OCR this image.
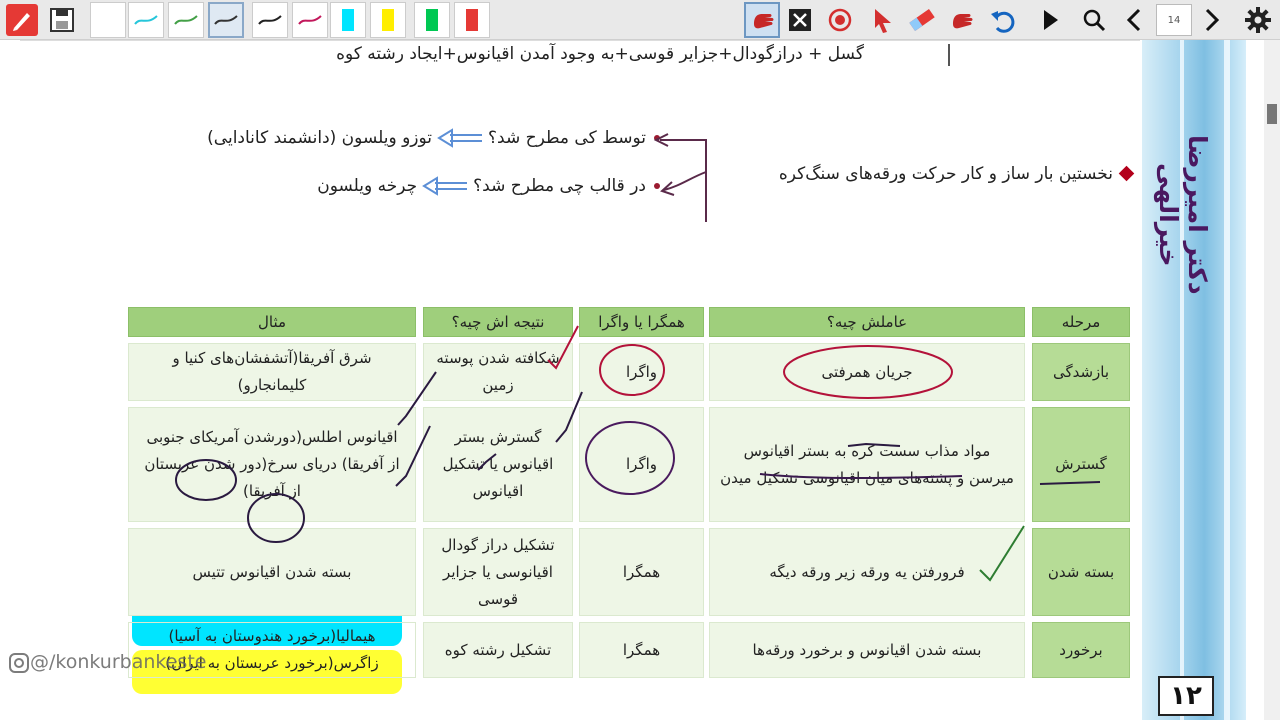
14
گسل + درازگودال+جزایر قوسی+به وجود آمدن اقیانوس+ایجاد رشته کوه
نخستین بار ساز و کار حرکت ورقه‌های سنگ‌کره
توسط کی مطرح شد؟توزو ویلسون (دانشمند کانادایی)
در قالب چی مطرح شد؟چرخه ویلسون
مرحله
عاملش چیه؟
همگرا یا واگرا
نتیجه اش چیه؟
مثال
بازشدگی
جریان همرفتی
واگرا
شکافته شدن پوسته زمین
شرق آفریقا(آتشفشان‌های کنیا و کلیمانجارو)
گسترش
مواد مذاب سست کره به بستر اقیانوس میرسن و پشته‌های میان اقیانوسی تشکیل میدن
واگرا
گسترش بستر اقیانوس یا تشکیل اقیانوس
اقیانوس اطلس(دورشدن آمریکای جنوبی از آفریقا) دریای سرخ(دور شدن عربستان از آفریقا)
بسته شدن
فرورفتن یه ورقه زیر ورقه دیگه
همگرا
تشکیل دراز گودال اقیانوسی یا جزایر قوسی
بسته شدن اقیانوس تتیس
برخورد
بسته شدن اقیانوس و برخورد ورقه‌ها
همگرا
تشکیل رشته کوه
هیمالیا(برخورد هندوستان به آسیا) زاگرس(برخورد عربستان به ایران)
دکتر امیررضا خیرالهی
۱۲
@/konkurbankeste
